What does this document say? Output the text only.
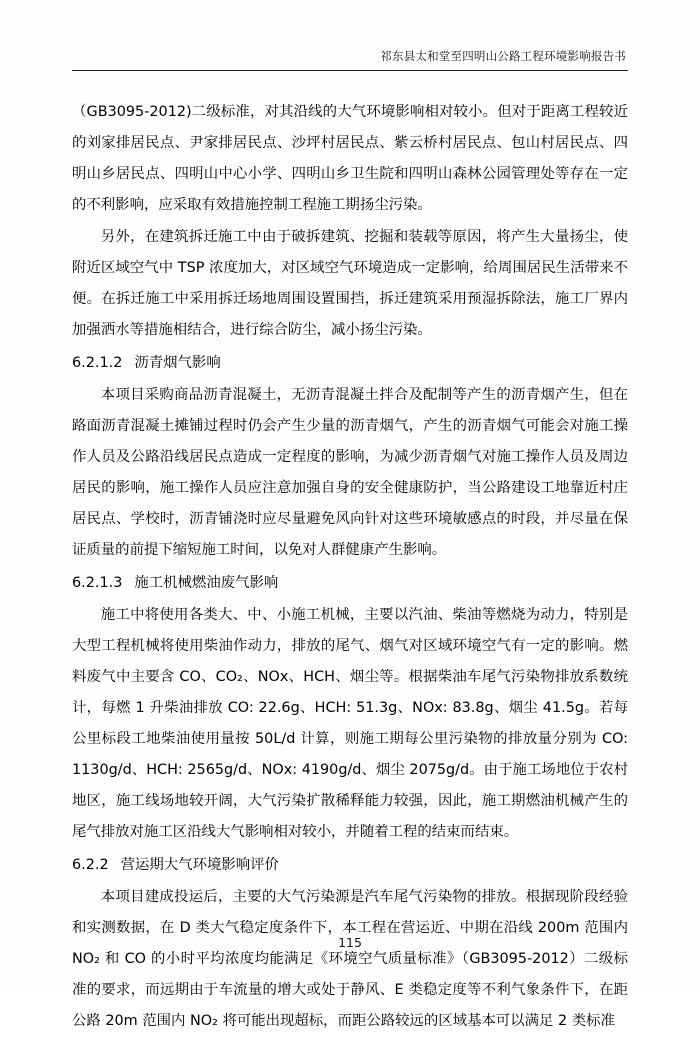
祁东县太和堂至四明山公路工程环境影响报告书

（GB3095-2012)二级标准，对其沿线的大气环境影响相对较小。但对于距离工程较近的刘家排居民点、尹家排居民点、沙坪村居民点、紫云桥村居民点、包山村居民点、四明山乡居民点、四明山中心小学、四明山乡卫生院和四明山森林公园管理处等存在一定的不利影响，应采取有效措施控制工程施工期扬尘污染。

另外，在建筑拆迁施工中由于破拆建筑、挖掘和装载等原因，将产生大量扬尘，使附近区域空气中 TSP 浓度加大，对区域空气环境造成一定影响，给周围居民生活带来不便。在拆迁施工中采用拆迁场地周围设置围挡，拆迁建筑采用预湿拆除法，施工厂界内加强洒水等措施相结合，进行综合防尘，减小扬尘污染。

6.2.1.2 沥青烟气影响

本项目采购商品沥青混凝土，无沥青混凝土拌合及配制等产生的沥青烟产生，但在路面沥青混凝土摊铺过程时仍会产生少量的沥青烟气，产生的沥青烟气可能会对施工操作人员及公路沿线居民点造成一定程度的影响，为减少沥青烟气对施工操作人员及周边居民的影响，施工操作人员应注意加强自身的安全健康防护，当公路建设工地靠近村庄居民点、学校时，沥青铺浇时应尽量避免风向针对这些环境敏感点的时段，并尽量在保证质量的前提下缩短施工时间，以免对人群健康产生影响。

6.2.1.3 施工机械燃油废气影响

施工中将使用各类大、中、小施工机械，主要以汽油、柴油等燃烧为动力，特别是大型工程机械将使用柴油作动力，排放的尾气、烟气对区域环境空气有一定的影响。燃料废气中主要含 CO、CO₂、NOx、HCH、烟尘等。根据柴油车尾气污染物排放系数统计，每燃 1 升柴油排放 CO: 22.6g、HCH: 51.3g、NOx: 83.8g、烟尘 41.5g。若每公里标段工地柴油使用量按 50L/d 计算，则施工期每公里污染物的排放量分别为 CO: 1130g/d、HCH: 2565g/d、NOx: 4190g/d、烟尘 2075g/d。由于施工场地位于农村地区，施工线场地较开阔，大气污染扩散稀释能力较强，因此，施工期燃油机械产生的尾气排放对施工区沿线大气影响相对较小，并随着工程的结束而结束。

6.2.2 营运期大气环境影响评价

本项目建成投运后，主要的大气污染源是汽车尾气污染物的排放。根据现阶段经验和实测数据，在 D 类大气稳定度条件下，本工程在营运近、中期在沿线 200m 范围内 NO₂ 和 CO 的小时平均浓度均能满足《环境空气质量标准》（GB3095-2012）二级标准的要求，而远期由于车流量的增大或处于静风、E 类稳定度等不利气象条件下，在距公路 20m 范围内 NO₂ 将可能出现超标，而距公路较远的区域基本可以满足 2 类标准

115
